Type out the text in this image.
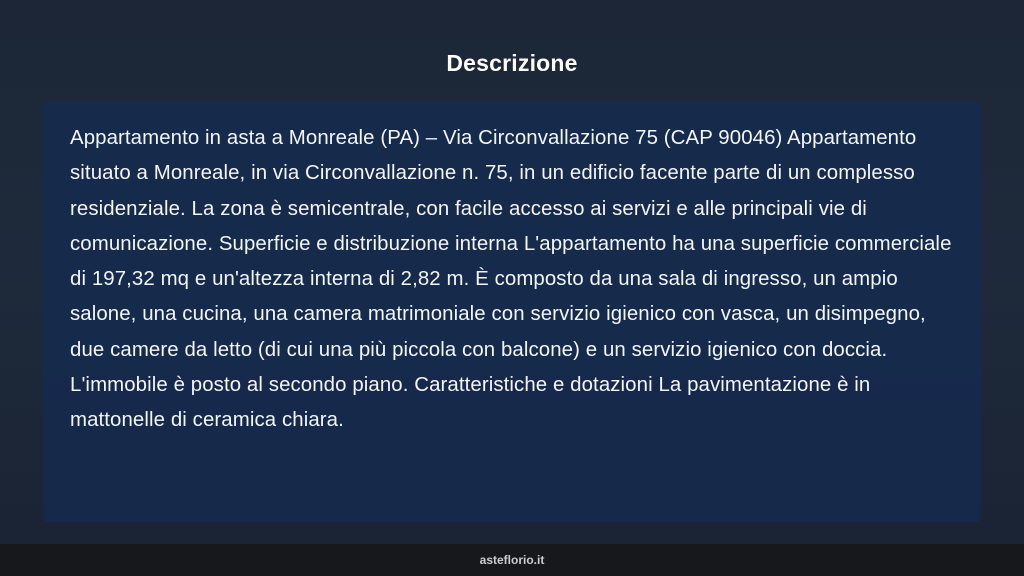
Descrizione

Appartamento in asta a Monreale (PA) – Via Circonvallazione 75 (CAP 90046) Appartamento situato a Monreale, in via Circonvallazione n. 75, in un edificio facente parte di un complesso residenziale. La zona è semicentrale, con facile accesso ai servizi e alle principali vie di comunicazione. Superficie e distribuzione interna L'appartamento ha una superficie commerciale di 197,32 mq e un'altezza interna di 2,82 m. È composto da una sala di ingresso, un ampio salone, una cucina, una camera matrimoniale con servizio igienico con vasca, un disimpegno, due camere da letto (di cui una più piccola con balcone) e un servizio igienico con doccia. L'immobile è posto al secondo piano. Caratteristiche e dotazioni La pavimentazione è in mattonelle di ceramica chiara.

asteflorio.it
